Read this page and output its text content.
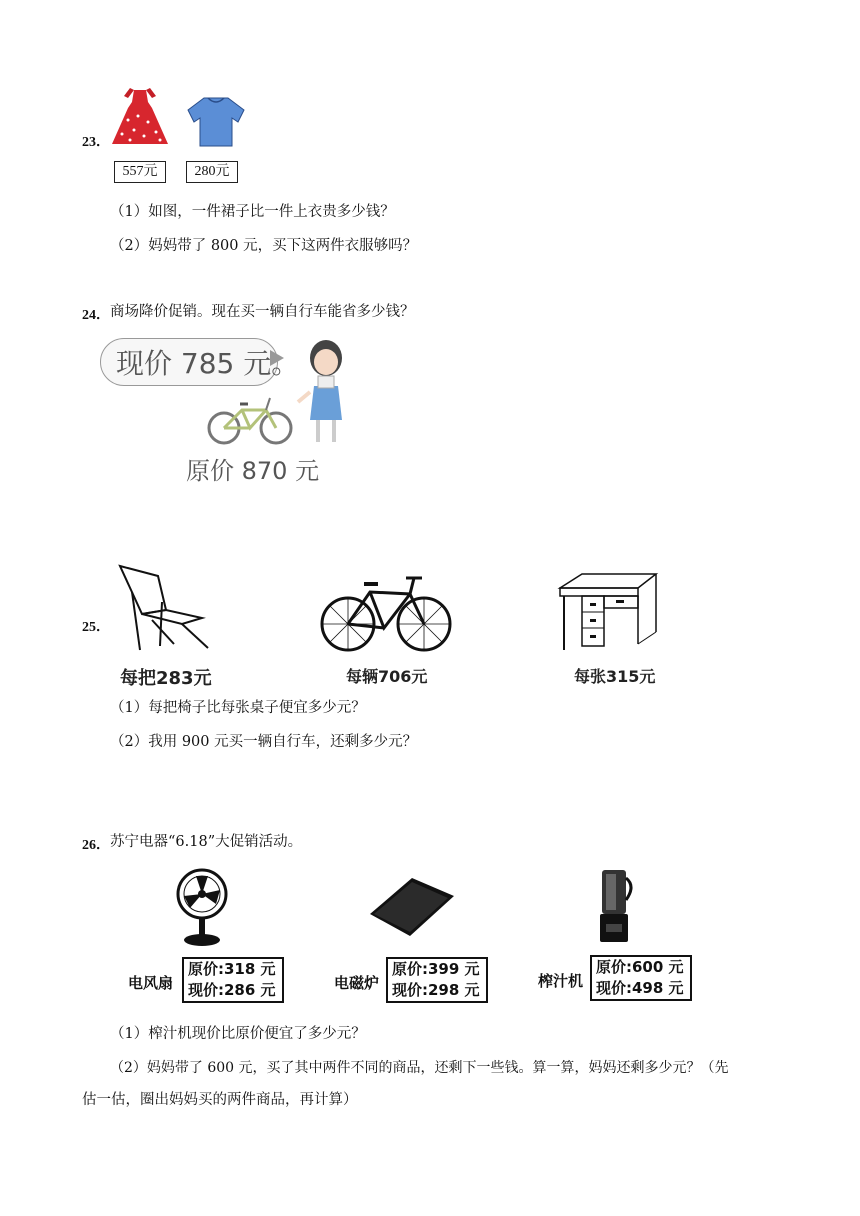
23．
557元	280元
（1）如图，一件裙子比一件上衣贵多少钱？
（2）妈妈带了 800 元，买下这两件衣服够吗？
24． 商场降价促销。现在买一辆自行车能省多少钱？
现价 785 元。
原价 870 元
25．
每把283元	每辆706元	每张315元
（1）每把椅子比每张桌子便宜多少元？
（2）我用 900 元买一辆自行车，还剩多少元？
26． 苏宁电器“6.18”大促销活动。
电风扇
原价:318 元
现价:286 元	电磁炉
原价:399 元
现价:298 元	榨汁机
原价:600 元
现价:498 元
（1）榨汁机现价比原价便宜了多少元？
（2）妈妈带了 600 元，买了其中两件不同的商品，还剩下一些钱。算一算，妈妈还剩多少元？（先
估一估，圈出妈妈买的两件商品，再计算）
